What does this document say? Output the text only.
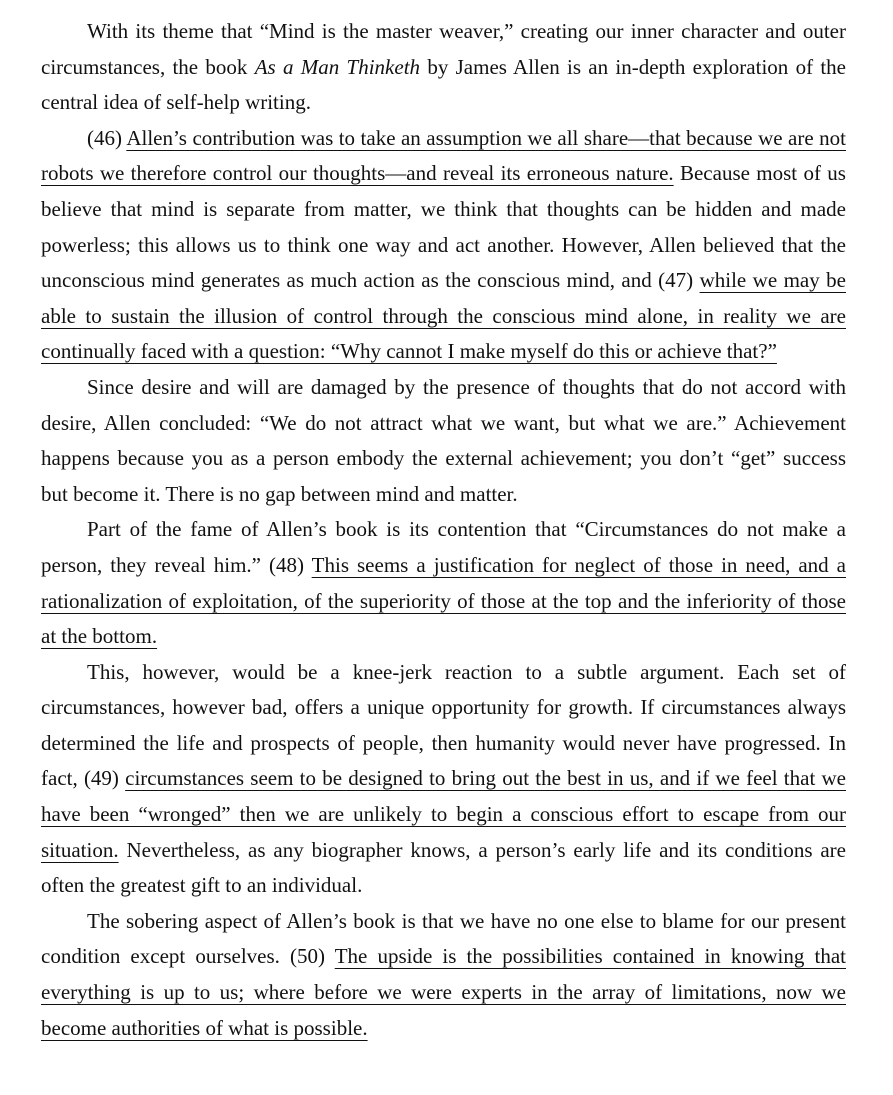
With its theme that “Mind is the master weaver,” creating our inner character and outer circumstances, the book As a Man Thinketh by James Allen is an in-depth exploration of the central idea of self-help writing.

(46) Allen’s contribution was to take an assumption we all share—that because we are not robots we therefore control our thoughts—and reveal its erroneous nature. Because most of us believe that mind is separate from matter, we think that thoughts can be hidden and made powerless; this allows us to think one way and act another. However, Allen believed that the unconscious mind generates as much action as the conscious mind, and (47) while we may be able to sustain the illusion of control through the conscious mind alone, in reality we are continually faced with a question: “Why cannot I make myself do this or achieve that?”

Since desire and will are damaged by the presence of thoughts that do not accord with desire, Allen concluded: “We do not attract what we want, but what we are.” Achievement happens because you as a person embody the external achievement; you don’t “get” success but become it. There is no gap between mind and matter.

Part of the fame of Allen’s book is its contention that “Circumstances do not make a person, they reveal him.” (48) This seems a justification for neglect of those in need, and a rationalization of exploitation, of the superiority of those at the top and the inferiority of those at the bottom.

This, however, would be a knee-jerk reaction to a subtle argument. Each set of circumstances, however bad, offers a unique opportunity for growth. If circumstances always determined the life and prospects of people, then humanity would never have progressed. In fact, (49) circumstances seem to be designed to bring out the best in us, and if we feel that we have been “wronged” then we are unlikely to begin a conscious effort to escape from our situation. Nevertheless, as any biographer knows, a person’s early life and its conditions are often the greatest gift to an individual.

The sobering aspect of Allen’s book is that we have no one else to blame for our present condition except ourselves. (50) The upside is the possibilities contained in knowing that everything is up to us; where before we were experts in the array of limitations, now we become authorities of what is possible.
